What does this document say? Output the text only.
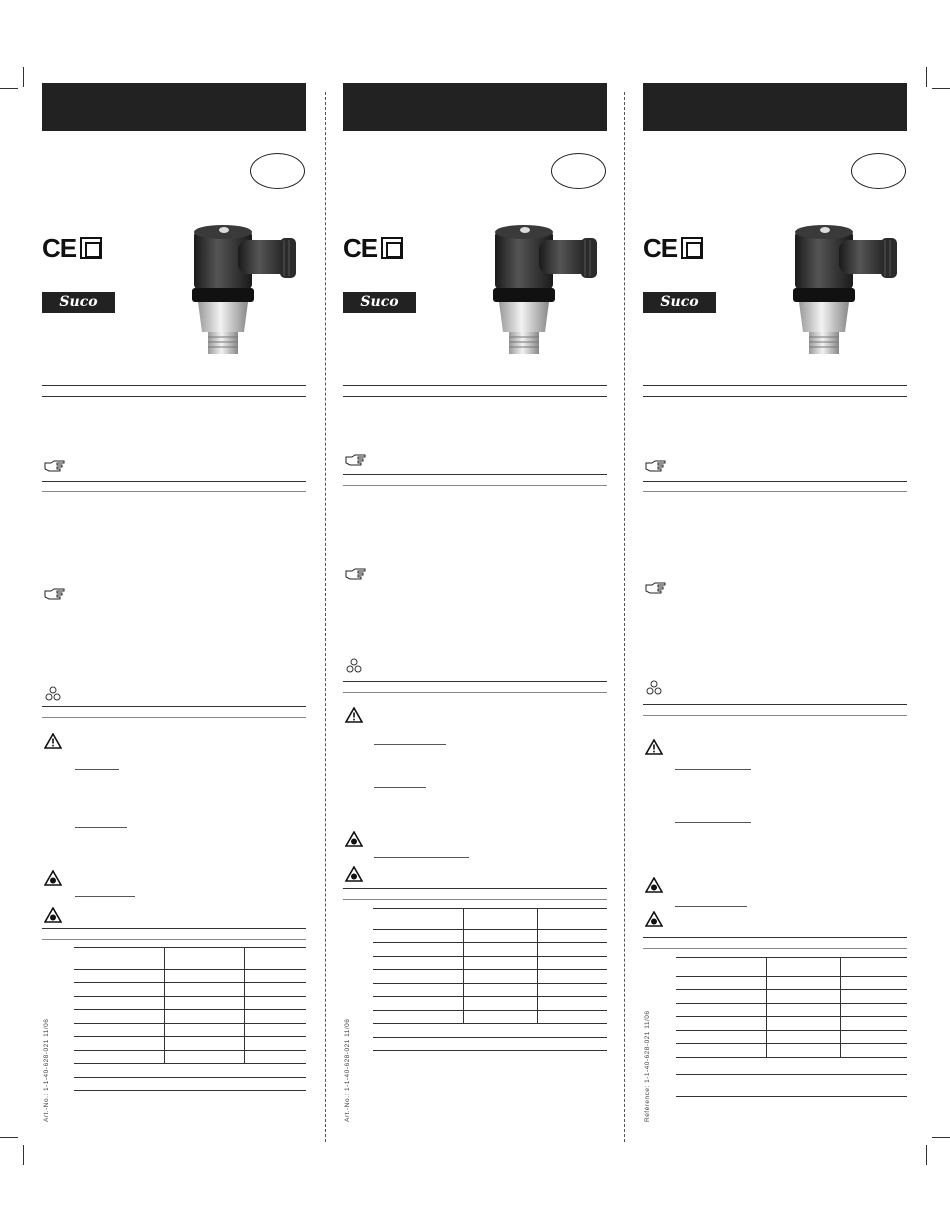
CE
Suco
Art.-No.: 1-1-40-628-021 11/06
CE
Suco
Art.-No.: 1-1-40-628-021 11/06
CE
Suco
Référence: 1-1-40-628-021 11/06
